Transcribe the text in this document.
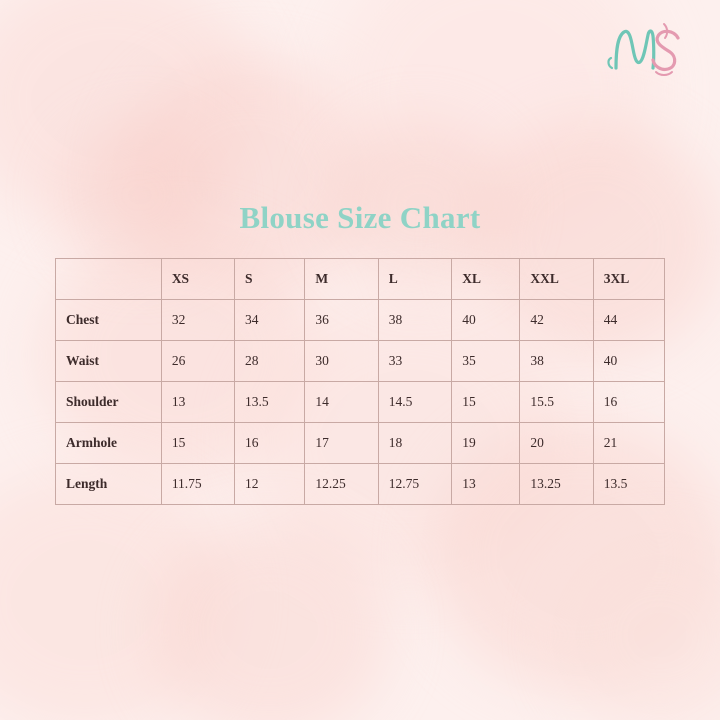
Blouse Size Chart
	XS	S	M	L	XL	XXL	3XL
Chest	32	34	36	38	40	42	44
Waist	26	28	30	33	35	38	40
Shoulder	13	13.5	14	14.5	15	15.5	16
Armhole	15	16	17	18	19	20	21
Length	11.75	12	12.25	12.75	13	13.25	13.5
